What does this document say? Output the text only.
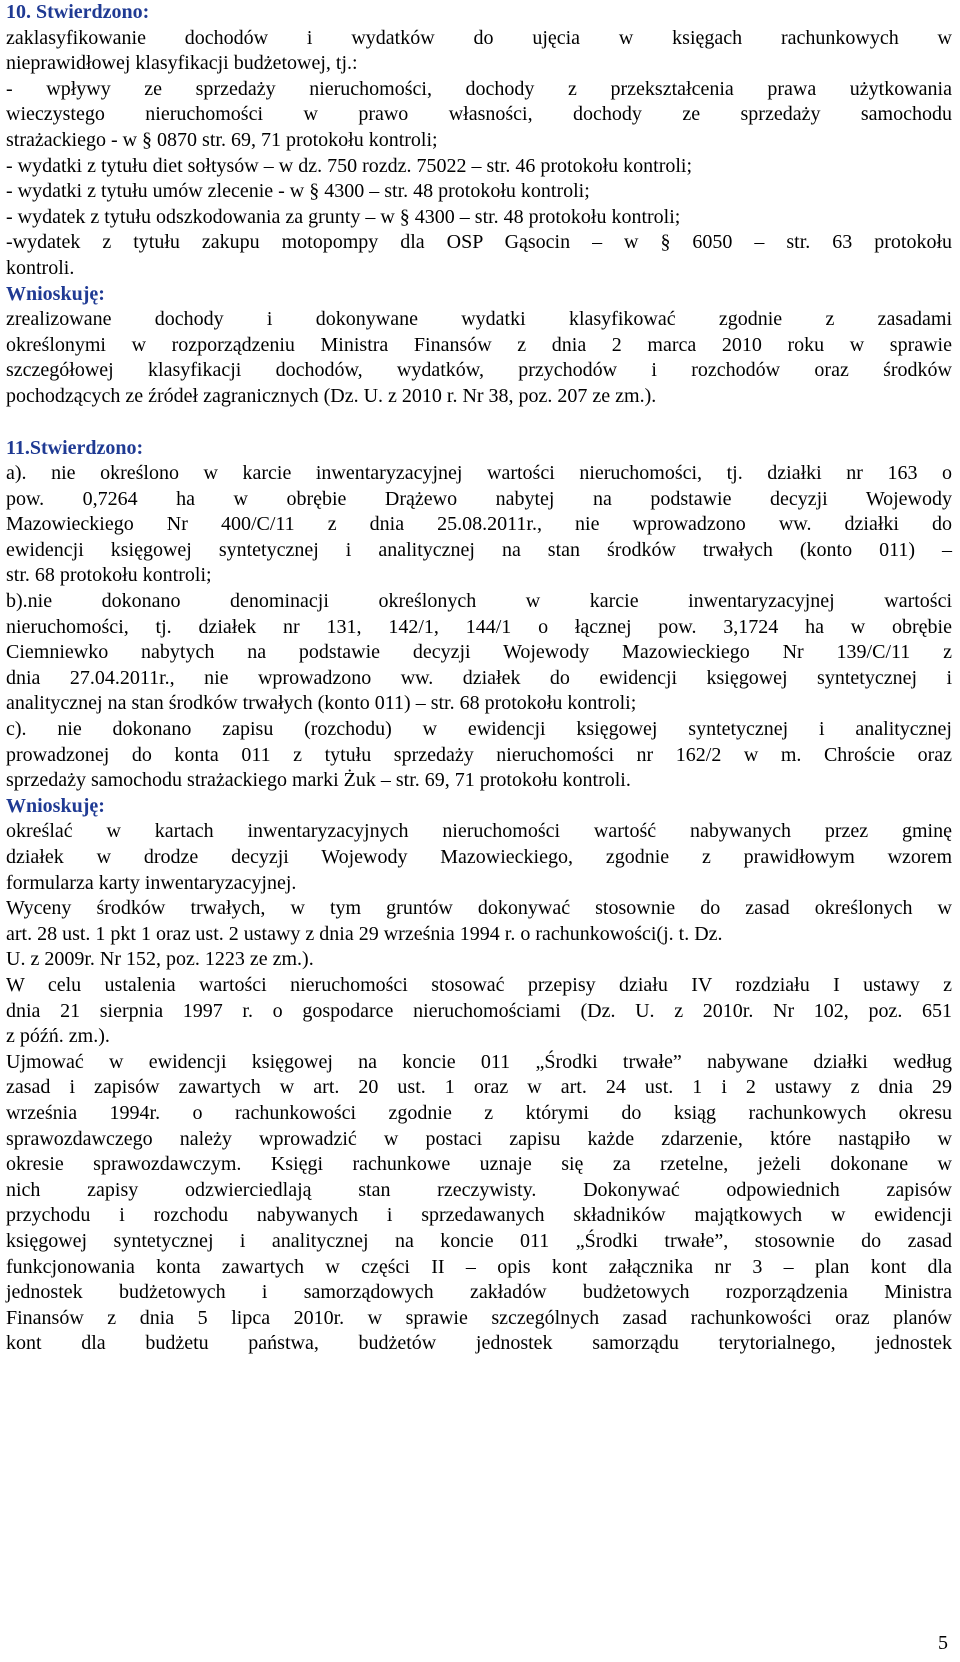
10. Stwierdzono:
zaklasyfikowanie dochodów i wydatków do ujęcia w księgach rachunkowych w
nieprawidłowej klasyfikacji budżetowej, tj.:
- wpływy ze sprzedaży nieruchomości, dochody z przekształcenia prawa użytkowania
wieczystego nieruchomości w prawo własności, dochody ze sprzedaży samochodu
strażackiego - w § 0870 str. 69, 71 protokołu kontroli;
- wydatki z tytułu diet sołtysów – w dz. 750 rozdz. 75022 – str. 46 protokołu kontroli;
- wydatki z tytułu umów zlecenie - w § 4300 – str. 48 protokołu kontroli;
- wydatek z tytułu odszkodowania za grunty – w § 4300 – str. 48 protokołu kontroli;
-wydatek z tytułu zakupu motopompy dla OSP Gąsocin – w § 6050 – str. 63 protokołu
kontroli.
Wnioskuję:
zrealizowane dochody i dokonywane wydatki klasyfikować zgodnie z zasadami
określonymi w rozporządzeniu Ministra Finansów z dnia 2 marca 2010 roku w sprawie
szczegółowej klasyfikacji dochodów, wydatków, przychodów i rozchodów oraz środków
pochodzących ze źródeł zagranicznych (Dz. U. z 2010 r. Nr 38, poz. 207 ze zm.).
11.Stwierdzono:
a). nie określono w karcie inwentaryzacyjnej wartości nieruchomości, tj. działki nr 163 o
pow. 0,7264 ha w obrębie Drążewo nabytej na podstawie decyzji Wojewody
Mazowieckiego Nr 400/C/11 z dnia 25.08.2011r., nie wprowadzono ww. działki do
ewidencji księgowej syntetycznej i analitycznej na stan środków trwałych (konto 011) –
str. 68 protokołu kontroli;
b).nie dokonano denominacji określonych w karcie inwentaryzacyjnej wartości
nieruchomości, tj. działek nr 131, 142/1, 144/1 o łącznej pow. 3,1724 ha w obrębie
Ciemniewko nabytych na podstawie decyzji Wojewody Mazowieckiego Nr 139/C/11 z
dnia 27.04.2011r., nie wprowadzono ww. działek do ewidencji księgowej syntetycznej i
analitycznej na stan środków trwałych (konto 011) – str. 68 protokołu kontroli;
c). nie dokonano zapisu (rozchodu) w ewidencji księgowej syntetycznej i analitycznej
prowadzonej do konta 011 z tytułu sprzedaży nieruchomości nr 162/2 w m. Chroście oraz
sprzedaży samochodu strażackiego marki Żuk – str. 69, 71 protokołu kontroli.
Wnioskuję:
określać w kartach inwentaryzacyjnych nieruchomości wartość nabywanych przez gminę
działek w drodze decyzji Wojewody Mazowieckiego, zgodnie z prawidłowym wzorem
formularza karty inwentaryzacyjnej.
Wyceny środków trwałych, w tym gruntów dokonywać stosownie do zasad określonych w
art. 28 ust. 1 pkt 1 oraz ust. 2 ustawy z dnia 29 września 1994 r. o rachunkowości(j. t. Dz.
U. z 2009r. Nr 152, poz. 1223 ze zm.).
W celu ustalenia wartości nieruchomości stosować przepisy działu IV rozdziału I ustawy z
dnia 21 sierpnia 1997 r. o gospodarce nieruchomościami (Dz. U. z 2010r. Nr 102, poz. 651
z późń. zm.).
Ujmować w ewidencji księgowej na koncie 011 „Środki trwałe” nabywane działki według
zasad i zapisów zawartych w art. 20 ust. 1 oraz w art. 24 ust. 1 i 2 ustawy z dnia 29
września 1994r. o rachunkowości zgodnie z którymi do ksiąg rachunkowych okresu
sprawozdawczego należy wprowadzić w postaci zapisu każde zdarzenie, które nastąpiło w
okresie sprawozdawczym. Księgi rachunkowe uznaje się za rzetelne, jeżeli dokonane w
nich zapisy odzwierciedlają stan rzeczywisty. Dokonywać odpowiednich zapisów
przychodu i rozchodu nabywanych i sprzedawanych składników majątkowych w ewidencji
księgowej syntetycznej i analitycznej na koncie 011 „Środki trwałe”, stosownie do zasad
funkcjonowania konta zawartych w części II – opis kont załącznika nr 3 – plan kont dla
jednostek budżetowych i samorządowych zakładów budżetowych rozporządzenia Ministra
Finansów z dnia 5 lipca 2010r. w sprawie szczególnych zasad rachunkowości oraz planów
kont dla budżetu państwa, budżetów jednostek samorządu terytorialnego, jednostek
5
